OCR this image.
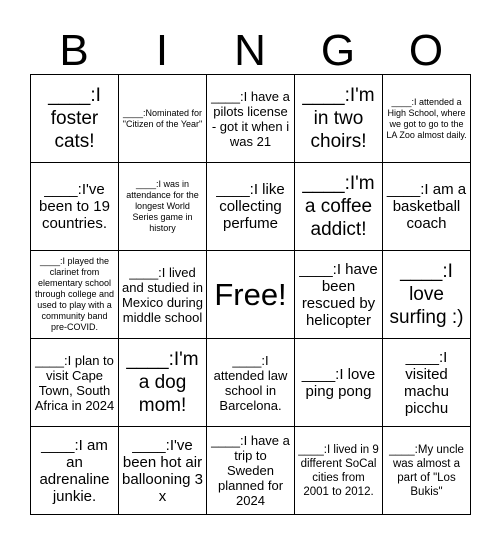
B	I	N	G	O
____:I foster cats!
____:Nominated for "Citizen of the Year"
____:I have a pilots license - got it when i was 21
____:I'm in two choirs!
____:I attended a High School, where we got to go to the LA Zoo almost daily.
____:I've been to 19 countries.
____:I was in attendance for the longest World Series game in history
____:I like collecting perfume
____:I'm a coffee addict!
____:I am a basketball coach
____:I played the clarinet from elementary school through college and used to play with a community band pre-COVID.
____:I lived and studied in Mexico during middle school
Free!
____:I have been rescued by helicopter
____:I love surfing :)
____:I plan to visit Cape Town, South Africa in 2024
____:I'm a dog mom!
____:I attended law school in Barcelona.
____:I love ping pong
____:I visited machu picchu
____:I am an adrenaline junkie.
____:I've been hot air ballooning 3 x
____:I have a trip to Sweden planned for 2024
____:I lived in 9 different SoCal cities from 2001 to 2012.
____:My uncle was almost a part of "Los Bukis"
